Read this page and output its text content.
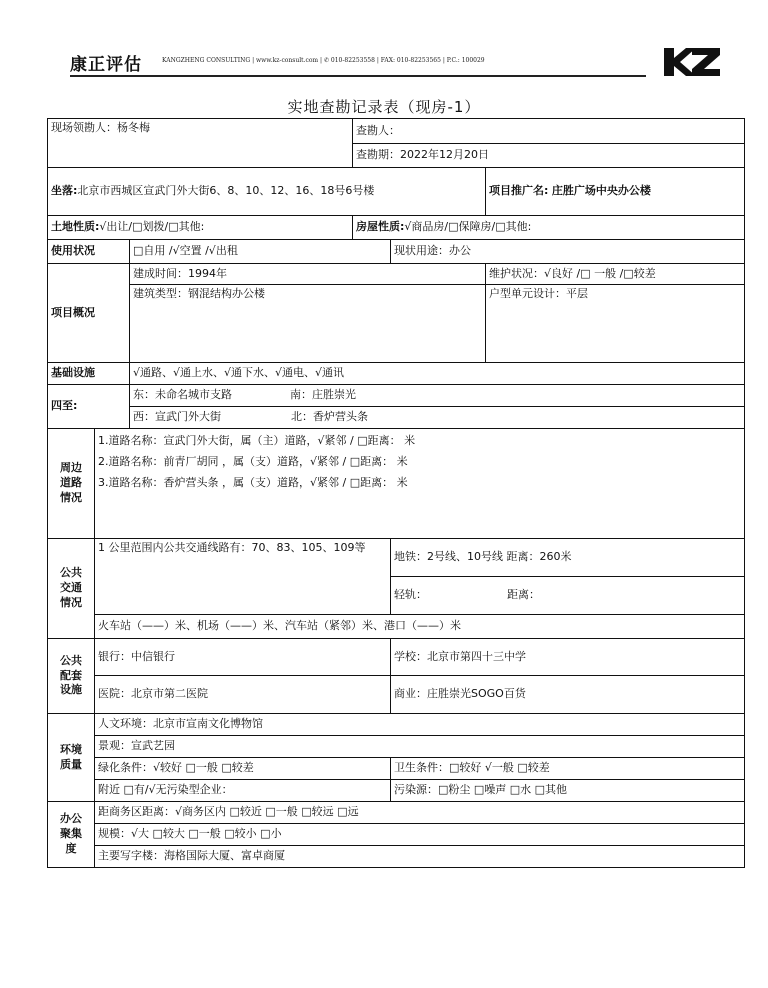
康正评估	KANGZHENG CONSULTING | www.kz-consult.com | ✆ 010-82253558 | FAX: 010-82253565 | P.C.: 100029
实地查勘记录表（现房-1）
现场领勘人：杨冬梅			查勘人：		
			查勘期：2022年12月20日		
坐落:北京市西城区宣武门外大街6、8、10、12、16、18号6号楼					项目推广名: 庄胜广场中央办公楼
土地性质:√出让/□划拨/□其他:			房屋性质:√商品房/□保障房/□其他:		
使用状况		□自用 /√空置 /√出租		现状用途：办公	
项目概况		建成时间：1994年			维护状况：√良好 /□ 一般 /□较差
		建筑类型：钢混结构办公楼			户型单元设计：平层

基础设施		√通路、√通上水、√通下水、√通电、√通讯			
四至:		东：未命名城市支路 南：庄胜崇光			
		西：宣武门外大街 北：香炉营头条			

周边道路情况	1.道路名称：宣武门外大街，属（主）道路，√紧邻 / □距离： 米
2.道路名称：前青厂胡同 ，属（支）道路，√紧邻 / □距离： 米
3.道路名称：香炉营头条 ，属（支）道路，√紧邻 / □距离： 米				

公共交通情况	1 公里范围内公共交通线路有：70、83、105、109等			地铁：2号线、10号线 距离：260米	
				轻轨： 距离：	
	火车站（——）米、机场（——）米、汽车站（紧邻）米、港口（——）米				

公共配套设施	银行：中信银行			学校：北京市第四十三中学	
	医院：北京市第二医院			商业：庄胜崇光SOGO百货	

环境质量	人文环境：北京市宣南文化博物馆				
	景观：宣武艺园				
	绿化条件：√较好 □一般 □较差			卫生条件：□较好 √一般 □较差	
	附近 □有/√无污染型企业：			污染源：□粉尘 □噪声 □水 □其他	

办公聚集度	距商务区距离：√商务区内 □较近 □一般 □较远 □远				
	规模：√大 □较大 □一般 □较小 □小				
	主要写字楼：海格国际大厦、富卓商厦				
